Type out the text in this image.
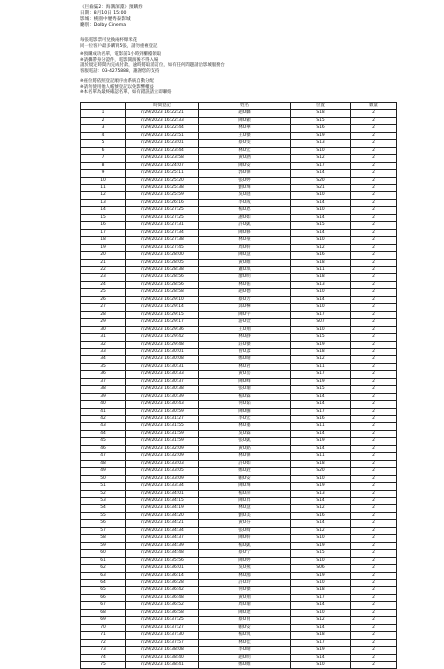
《巨齒鯊2：海溝深淵》預購券
日期：8月10日 15:00
影城：桃園中壢秀泰影城
廳別：Dolby Cinema
每張電影票可兌換兩杯爆米花
同一位客戶最多購買5張，請勿重複登記
※預購成功名單，電影前1小時到櫃檯領取
※請攜帶身分證件，電影開演後不得入場
請於規定時間內完成付款，逾時將取消訂位，如有任何問題請洽影城服務台
客服電話：03-4275888，謝謝您的支持
※座位將依照登記順序由系統自動分配
※請勿使用他人帳號登記以免影響權益
※本名單為最終確認名單，如有錯誤請立即聯絡
	時間登記	姓名	位置	數量
1	7/29/2023 16:22:21	趙O麟	S18	2
2	7/29/2023 16:22:33	陳O穎	S15	2
3	7/29/2023 16:22:44	林O華	S16	2
4	7/29/2023 16:22:51	王O傑	S19	2
5	7/29/2023 16:23:01	蔡O雯	S13	2
6	7/29/2023 16:23:44	林O宏	S10	2
7	7/29/2023 16:23:58	黃O涵	S12	2
8	7/29/2023 16:24:07	陳O安	S17	2
9	7/29/2023 16:25:11	郭O偉	S14	2
10	7/29/2023 16:25:20	張O婷	S20	2
11	7/29/2023 16:25:38	劉O瑋	S21	2
12	7/29/2023 16:25:59	吳O庭	S10	2
13	7/29/2023 16:26:16	李O成	S14	2
14	7/29/2023 16:27:25	楊O恩	S10	2
15	7/29/2023 16:27:25	謝O如	S14	2
16	7/29/2023 16:27:31	許O凱	S15	2
17	7/29/2023 16:27:34	陳O修	S14	2
18	7/29/2023 16:27:38	林O豪	S10	2
19	7/29/2023 16:27:45	周O軒	S12	2
20	7/29/2023 16:28:00	陳O慧	S16	2
21	7/29/2023 16:28:05	黃O維	S18	2
22	7/29/2023 16:28:38	蕭O琪	S11	2
23	7/29/2023 16:28:56	廖O明	S18	2
24	7/29/2023 16:28:56	林O佑	S13	2
25	7/29/2023 16:28:58	趙O德	S10	2
26	7/29/2023 16:29:10	蔡O芳	S14	2
27	7/29/2023 16:29:14	邱O樺	S10	2
28	7/29/2023 16:29:15	陳O宇	S17	2
29	7/29/2023 16:29:17	游O萱	S07	2
30	7/29/2023 16:29:36	王O翔	S10	2
31	7/29/2023 16:29:42	林O靜	S15	2
32	7/29/2023 16:29:48	莊O傑	S19	2
33	7/29/2023 16:30:01	曾O彥	S18	2
34	7/29/2023 16:30:08	鄭O晴	S12	2
35	7/29/2023 16:30:31	林O君	S11	2
36	7/29/2023 16:30:33	黃O岳	S17	2
37	7/29/2023 16:30:37	陳O峰	S19	2
38	7/29/2023 16:30:38	張O瑜	S15	2
39	7/29/2023 16:30:39	楊O霖	S14	2
40	7/29/2023 16:30:43	何O茹	S14	2
41	7/29/2023 16:30:59	陳O騰	S17	2
42	7/29/2023 16:31:27	李O宏	S16	2
43	7/29/2023 16:31:55	林O蓁	S11	2
44	7/29/2023 16:31:59	吳O霖	S14	2
45	7/29/2023 16:31:59	張O凱	S19	2
46	7/29/2023 16:32:09	黃O銘	S14	2
47	7/29/2023 16:32:09	林O偉	S11	2
48	7/29/2023 16:33:03	許O如	S18	2
49	7/29/2023 16:33:05	鄭O銓	S20	2
50	7/29/2023 16:33:09	賴O安	S10	2
51	7/29/2023 16:33:34	陳O瑋	S19	2
52	7/29/2023 16:34:01	楊O萍	S13	2
53	7/29/2023 16:34:15	陳O昇	S14	2
54	7/29/2023 16:34:19	林O慧	S12	2
55	7/29/2023 16:34:20	劉O美	S16	2
56	7/29/2023 16:34:21	黃O芬	S14	2
57	7/29/2023 16:34:34	張O綺	S12	2
58	7/29/2023 16:34:37	陳O軒	S10	2
59	7/29/2023 16:34:39	楊O凱	S19	2
60	7/29/2023 16:34:48	蔡O宁	S15	2
61	7/29/2023 16:35:56	陳O婷	S10	2
62	7/29/2023 16:36:01	吳O燕	S06	2
63	7/29/2023 16:36:14	林O鴻	S19	2
64	7/29/2023 16:36:28	許O玲	S10	2
65	7/29/2023 16:36:42	何O傑	S18	2
66	7/29/2023 16:36:48	黃O翔	S17	2
67	7/29/2023 16:36:52	周O瑜	S14	2
68	7/29/2023 16:36:58	陳O達	S10	2
69	7/29/2023 16:37:25	蔡O育	S12	2
70	7/29/2023 16:37:27	賴O安	S14	2
71	7/29/2023 16:37:30	楊O筑	S18	2
72	7/29/2023 16:37:57	林O佳	S17	2
73	7/29/2023 16:38:08	李O晴	S19	2
74	7/29/2023 16:38:40	趙O明	S14	2
75	7/29/2023 16:38:41	鄭O維	S10	2
